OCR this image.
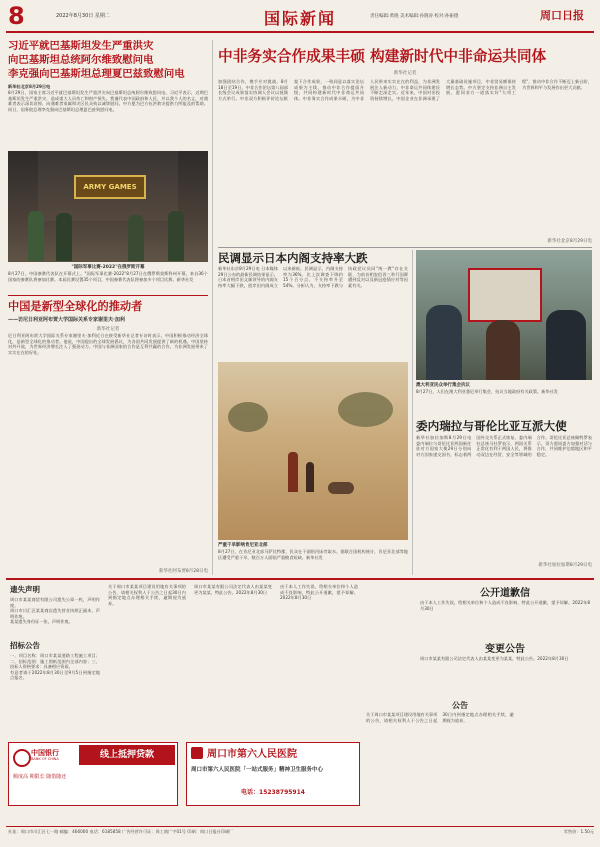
8	2022年8月30日 星期二	国际新闻	责任编辑:黄晓 美术编辑:孙晓涛 校对:孙振德	周口日报
习近平就巴基斯坦发生严重洪灾
向巴基斯坦总统阿尔维致慰问电
李克强向巴基斯坦总理夏巴兹致慰问电
新华社北京8月29日电
8月29日，国家主席习近平就巴基斯坦发生严重洪灾向巴基斯坦总统阿尔维致慰问电。习近平表示，近期巴基斯坦发生严重洪灾，造成重大人员伤亡和财产损失。我谨代表中国政府和人民，并以我个人的名义，对遇难者表示深切哀悼，向遇难者家属和灾区民众致以诚挚慰问。中方愿为巴方抗洪救灾提供力所能及的帮助。同日，国务院总理李克强向巴基斯坦总理夏巴兹致慰问电。
ARMY GAMES
"国际军事比赛-2022"在俄罗斯开幕
8月27日，中国参赛代表队在开幕式上。"国际军事比赛-2022"8月27日在俄罗斯莫斯科州开幕，来自36个国家的参赛队将参加比赛。本届比赛设置35个项目，中国参赛代表队将参加多个项目比赛。新华社发
中国是新型全球化的推动者
——访尼日利亚阿布贾大学国际关系专家谢里夫·加利
新华社记者
尼日利亚阿布贾大学国际关系专家谢里夫·加利近日在接受新华社记者专访时表示，中国积极推动经济全球化，是新型全球化的推动者。他说，中国提出的全球发展倡议，为各国共同发展提供了新的机遇。中国坚持对外开放，为世界经济增长注入了强劲动力。中国与非洲国家的合作是互利共赢的合作，为非洲发展带来了实实在在的好处。
新华社阿布贾8月28日电
中非务实合作成果丰硕 构建新时代中非命运共同体
新华社记者
加强团结合作，携手应对挑战。8月18日至19日，中非合作论坛第八届部长级会议成果落实协调人会议以视频方式举行。中非双方积极评价论坛框架下合作成果，一致同意以落实论坛成果为主线，推动中非合作提质升级，共同构建新时代中非命运共同体。中非务实合作成果丰硕，为中非人民带来实实在在的利益，为非洲发展注入新动力，中非命运共同体建设不断走深走实。近年来，中国对非投资持续增长，中国企业在非洲承建了大量基础设施项目，中非贸易额保持增长态势。中方坚定支持非洲自主发展，愿同非方一道落实好"九项工程"，推动中非合作不断迈上新台阶，为世界和平与发展作出更大贡献。
新华社北京8月29日电
民调显示日本内阁支持率大跌
新华社东京8月29日电 日本媒体29日公布的最新民调结果显示，日本首相岸田文雄领导的内阁支持率大幅下跌，创岸田内阁成立以来新低。民调显示，内阁支持率为36%，比上次调查下降约15个百分点，不支持率升至54%。分析认为，支持率下跌与执政党议员同"统一教"存在关联、为前首相安倍晋三举行国葬遭到反对以及新冠疫情应对等因素有关。
严重干旱影响肯尼亚北部
8月27日，在肯尼亚北部马萨比特郡，民众在干涸的河床旁取水。据联合国机构统计，肯尼亚北部等地区遭受严重干旱，数百万人面临严重粮食短缺。新华社发
澳大利亚民众举行集会抗议
8月27日，人们在澳大利亚悉尼举行集会，抗议当地政府有关政策。新华社发
委内瑞拉与哥伦比亚互派大使
新华社加拉加斯8月29日电 委内瑞拉与哥伦比亚两国新任驻对方国家大使29日分别向对方国家递交国书，标志着两国外交关系正式恢复。委内瑞拉总统马杜罗表示，两国关系正常化有利于两国人民，将推动双边在经贸、安全等领域的合作。哥伦比亚总统佩特罗表示，哥方愿同委方加强对话与合作，共同维护边境地区和平稳定。
新华社加拉加斯8月29日电
遗失声明
周口市某某商贸有限公司遗失公章一枚，声明作废。
周口市川汇区某某商店遗失营业执照正副本，声明作废。
某某遗失身份证一张，声明作废。
招标公告
一、项目名称：周口市某某道路工程施工项目；二、招标范围：施工图纸范围内全部内容；三、投标人资格要求：具备相应资质。
有意者请于2022年8月30日至9月5日到指定地点报名。
关于周口市某某项目建设用地有关事项的公告，请相关权利人于公告之日起30日内到指定地点办理相关手续，逾期视为放弃。
周口市某某有限公司法定代表人由某某变更为某某，特此公告。2022年8月30日
由于本人工作失误，给相关单位和个人造成不良影响，特此公开道歉，望予谅解。2022年8月30日	公开道歉信
由于本人工作失误，给相关单位和个人造成不良影响，特此公开道歉，望予谅解。2022年8月30日
变更公告
周口市某某有限公司法定代表人由某某变更为某某，特此公告。2022年8月30日
公告
关于周口市某某项目建设用地有关事项的公告，请相关权利人于公告之日起30日内到指定地点办理相关手续，逾期视为放弃。
中国银行
BANK OF CHINA	线上抵押贷款
额度高 期限长 随借随还
周口市第六人民医院
周口市第六人民医院「一站式服务」精神卫生服务中心
电话：15238795914
社址：周口市川汇区七一路 邮编：466000 电话：6185858 广告经营许可证：周工商广字01号 印刷：周口日报社印刷厂	零售价：1.50元
